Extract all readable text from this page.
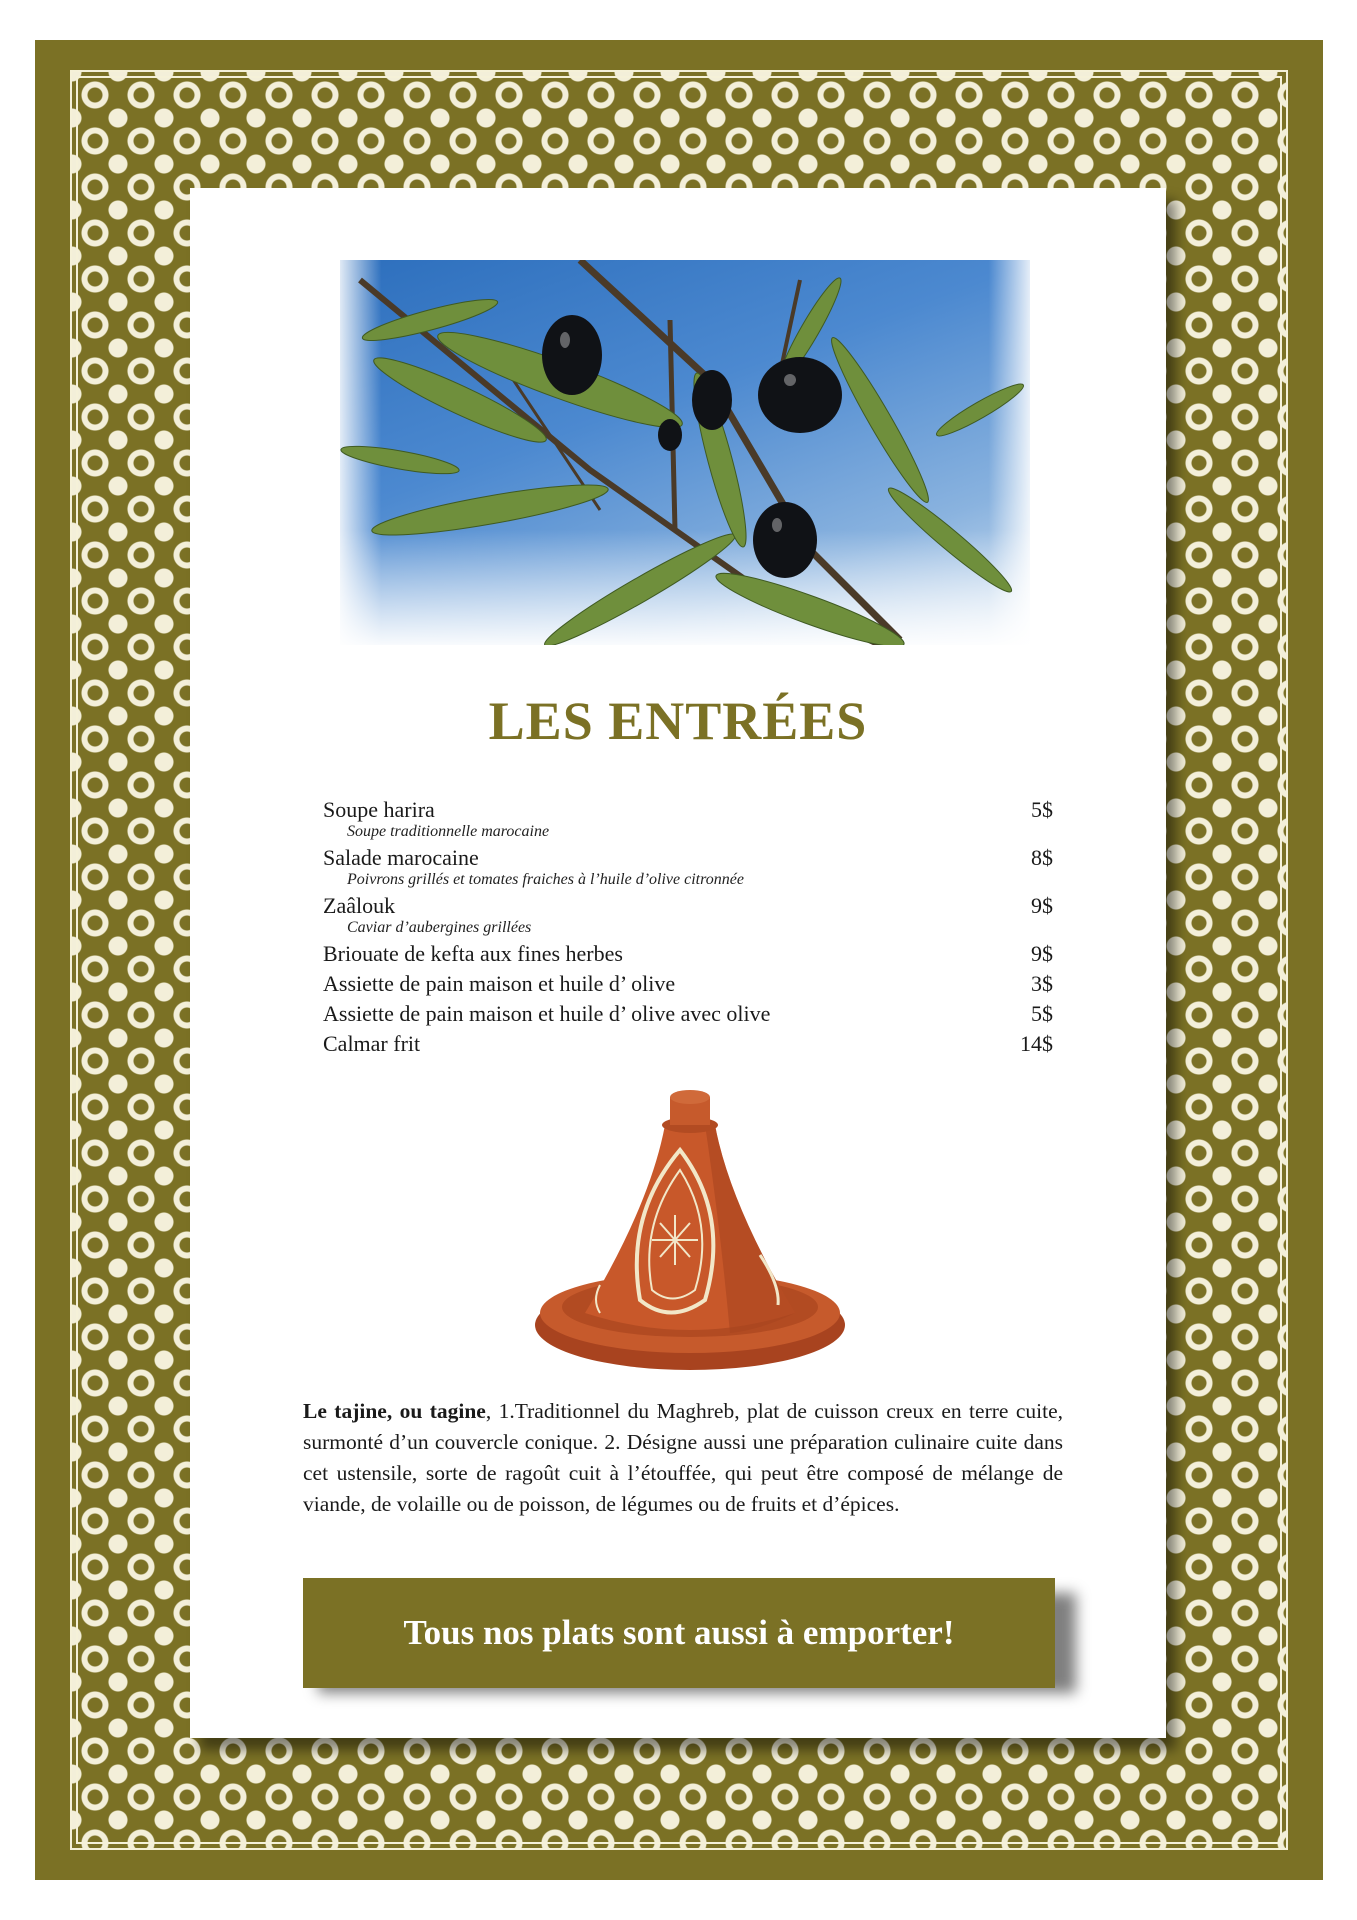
LES ENTRÉES
Soupe harira	5$
Soupe traditionnelle marocaine
Salade marocaine	8$
Poivrons grillés et tomates fraiches à l’huile d’olive citronnée
Zaâlouk	9$
Caviar d’aubergines grillées
Briouate de kefta aux fines herbes	9$
Assiette de pain maison et huile d’ olive	3$
Assiette de pain maison et huile d’ olive avec olive	5$
Calmar frit	14$
Le tajine, ou tagine, 1.Traditionnel du Maghreb, plat de cuisson creux en terre cuite, surmonté d’un couvercle conique. 2. Désigne aussi une préparation culinaire cuite dans cet ustensile, sorte de ragoût cuit à l’étouffée, qui peut être composé de mélange de viande, de volaille ou de poisson, de légumes ou de fruits et d’épices.
Tous nos plats sont aussi à emporter!
